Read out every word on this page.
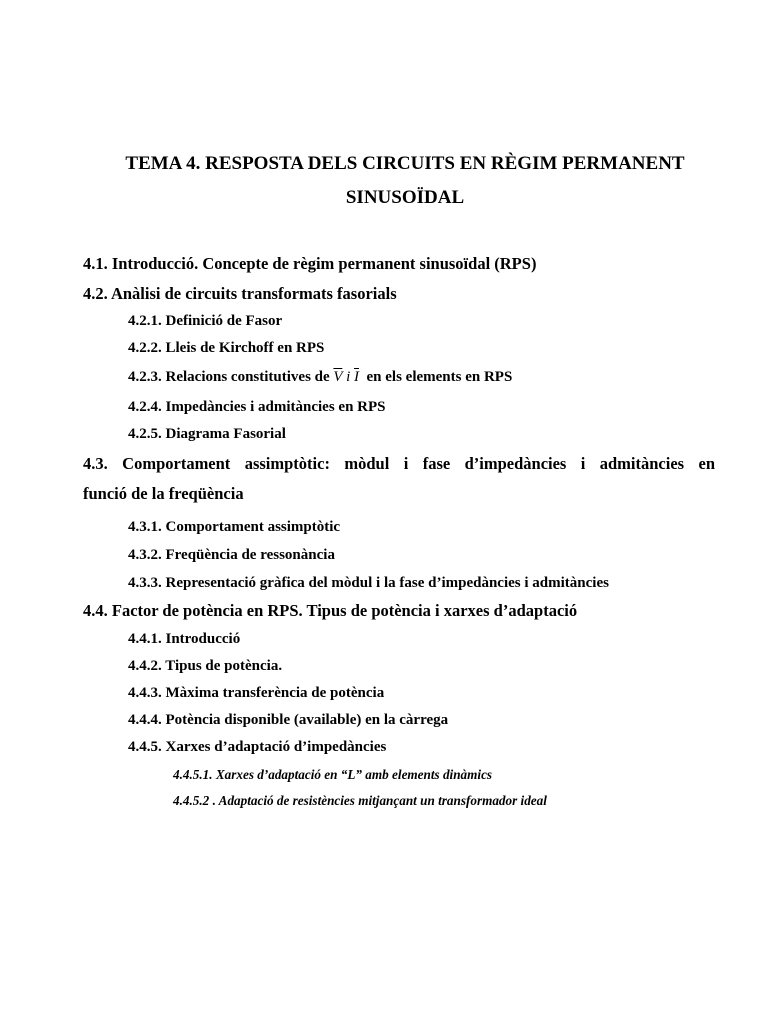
TEMA 4. RESPOSTA DELS CIRCUITS EN RÈGIM PERMANENT
SINUSOÏDAL

4.1. Introducció. Concepte de règim permanent sinusoïdal (RPS)

4.2. Anàlisi de circuits transformats fasorials

4.2.1. Definició de Fasor

4.2.2. Lleis de Kirchoff en RPS

4.2.3. Relacions constitutives de $\overline{V}$ i $\overline{I}$  en els elements en RPS

4.2.4. Impedàncies i admitàncies en RPS

4.2.5. Diagrama Fasorial

4.3. Comportament assimptòtic: mòdul i fase d’impedàncies i admitàncies en

funció de la freqüència

4.3.1. Comportament assimptòtic

4.3.2. Freqüència de ressonància

4.3.3. Representació gràfica del mòdul i la fase d’impedàncies i admitàncies

4.4. Factor de potència en RPS. Tipus de potència i xarxes d’adaptació

4.4.1. Introducció

4.4.2. Tipus de potència.

4.4.3. Màxima transferència de potència

4.4.4. Potència disponible (available) en la càrrega

4.4.5. Xarxes d’adaptació d’impedàncies

4.4.5.1. Xarxes d’adaptació en “L” amb elements dinàmics

4.4.5.2 . Adaptació de resistències mitjançant un transformador ideal
